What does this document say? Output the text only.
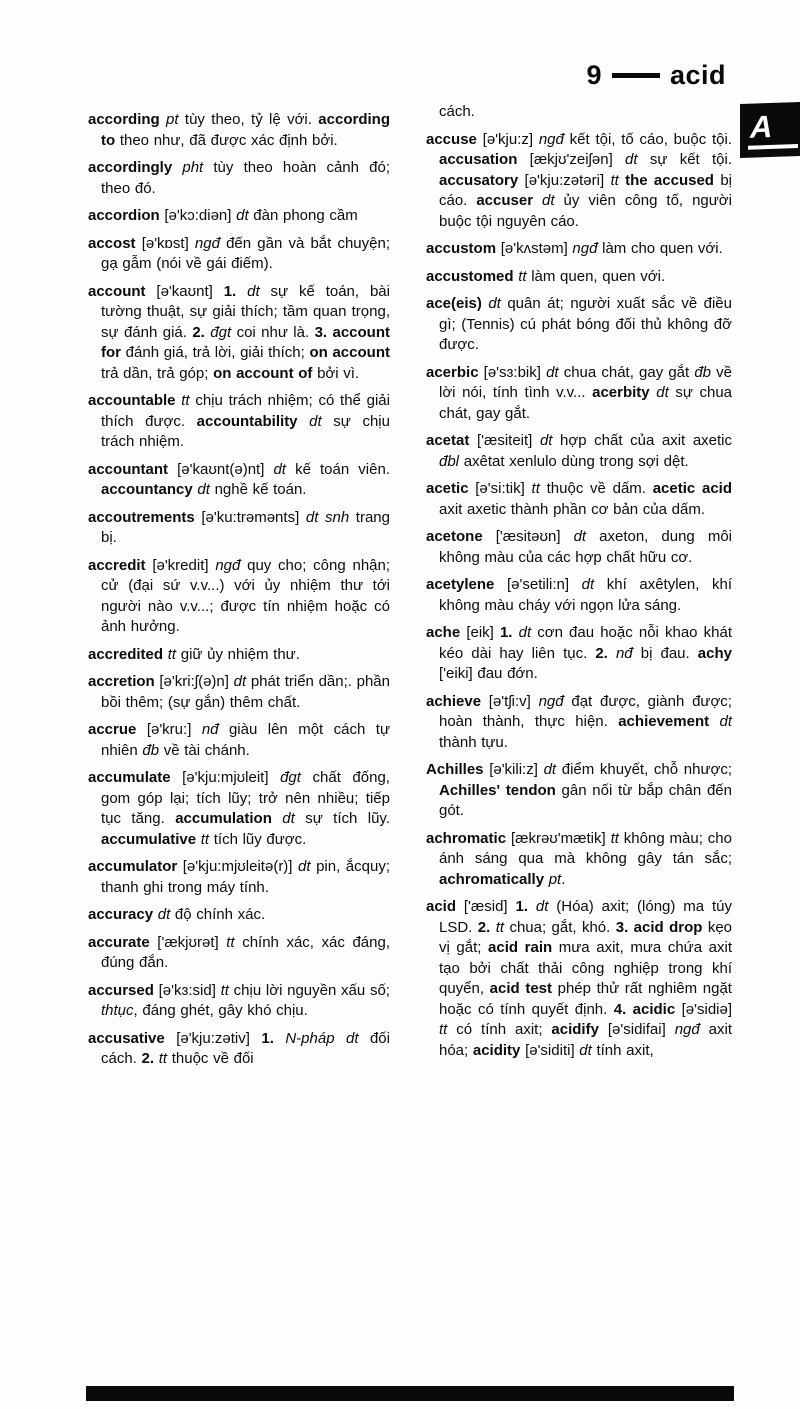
9	acid
A

according pt tùy theo, tỷ lệ với. according to theo như, đã được xác định bởi.

accordingly pht tùy theo hoàn cảnh đó; theo đó.

accordion [ə'kɔ:diən] dt đàn phong cầm

accost [ə'kɒst] ngđ đến gần và bắt chuyện; gạ gẫm (nói về gái điếm).

account [ə'kaʊnt] 1. dt sự kế toán, bài tường thuật, sự giải thích; tầm quan trọng, sự đánh giá. 2. đgt coi như là. 3. account for đánh giá, trả lời, giải thích; on account trả dần, trả góp; on account of bởi vì.

accountable tt chịu trách nhiệm; có thể giải thích được. accountability dt sự chịu trách nhiệm.

accountant [ə'kaʊnt(ə)nt] dt kế toán viên. accountancy dt nghề kế toán.

accoutrements [ə'ku:trəmənts] dt snh trang bị.

accredit [ə'kredit] ngđ quy cho; công nhận; cử (đại sứ v.v...) với ủy nhiệm thư tới người nào v.v...; được tín nhiệm hoặc có ảnh hưởng.

accredited tt giữ ủy nhiệm thư.

accretion [ə'kri:ʃ(ə)n] dt phát triển dần;. phần bồi thêm; (sự gắn) thêm chất.

accrue [ə'kru:] nđ giàu lên một cách tự nhiên đb về tài chánh.

accumulate [ə'kju:mjʊleit] đgt chất đống, gom góp lại; tích lũy; trở nên nhiều; tiếp tục tăng. accumulation dt sự tích lũy. accumulative tt tích lũy được.

accumulator [ə'kju:mjʊleitə(r)] dt pin, ắcquy; thanh ghi trong máy tính.

accuracy dt độ chính xác.

accurate ['ækjʊrət] tt chính xác, xác đáng, đúng đắn.

accursed [ə'kɜ:sid] tt chịu lời nguyền xấu số; thtục, đáng ghét, gây khó chịu.

accusative [ə'kju:zətiv] 1. N-pháp dt đối cách. 2. tt thuộc về đối

cách.

accuse [ə'kju:z] ngđ kết tội, tố cáo, buộc tội. accusation [ækjʊ'zeiʃən] dt sự kết tội. accusatory [ə'kju:zətəri] tt the accused bị cáo. accuser dt ủy viên công tố, người buộc tội nguyên cáo.

accustom [ə'kʌstəm] ngđ làm cho quen với.

accustomed tt làm quen, quen với.

ace(eis) dt quân át; người xuất sắc về điều gì; (Tennis) cú phát bóng đối thủ không đỡ được.

acerbic [ə'sɜ:bik] dt chua chát, gay gắt đb về lời nói, tính tình v.v... acerbity dt sự chua chát, gay gắt.

acetat ['æsiteit] dt hợp chất của axit axetic đbl axêtat xenlulo dùng trong sợi dệt.

acetic [ə'si:tik] tt thuộc về dấm. acetic acid axit axetic thành phần cơ bản của dấm.

acetone ['æsitəʊn] dt axeton, dung môi không màu của các hợp chất hữu cơ.

acetylene [ə'setili:n] dt khí axêtylen, khí không màu cháy với ngọn lửa sáng.

ache [eik] 1. dt cơn đau hoặc nỗi khao khát kéo dài hay liên tục. 2. nđ bị đau. achy ['eiki] đau đớn.

achieve [ə'tʃi:v] ngđ đạt được, giành được; hoàn thành, thực hiện. achievement dt thành tựu.

Achilles [ə'kili:z] dt điểm khuyết, chỗ nhược; Achilles' tendon gân nối từ bắp chân đến gót.

achromatic [ækrəʊ'mætik] tt không màu; cho ánh sáng qua mà không gây tán sắc; achromatically pt.

acid ['æsid] 1. dt (Hóa) axit; (lóng) ma túy LSD. 2. tt chua; gắt, khó. 3. acid drop kẹo vị gắt; acid rain mưa axit, mưa chứa axit tạo bởi chất thải công nghiệp trong khí quyển, acid test phép thử rất nghiêm ngặt hoặc có tính quyết định. 4. acidic [ə'sidiə] tt có tính axit; acidify [ə'sidifai] ngđ axit hóa; acidity [ə'siditi] dt tính axit,
